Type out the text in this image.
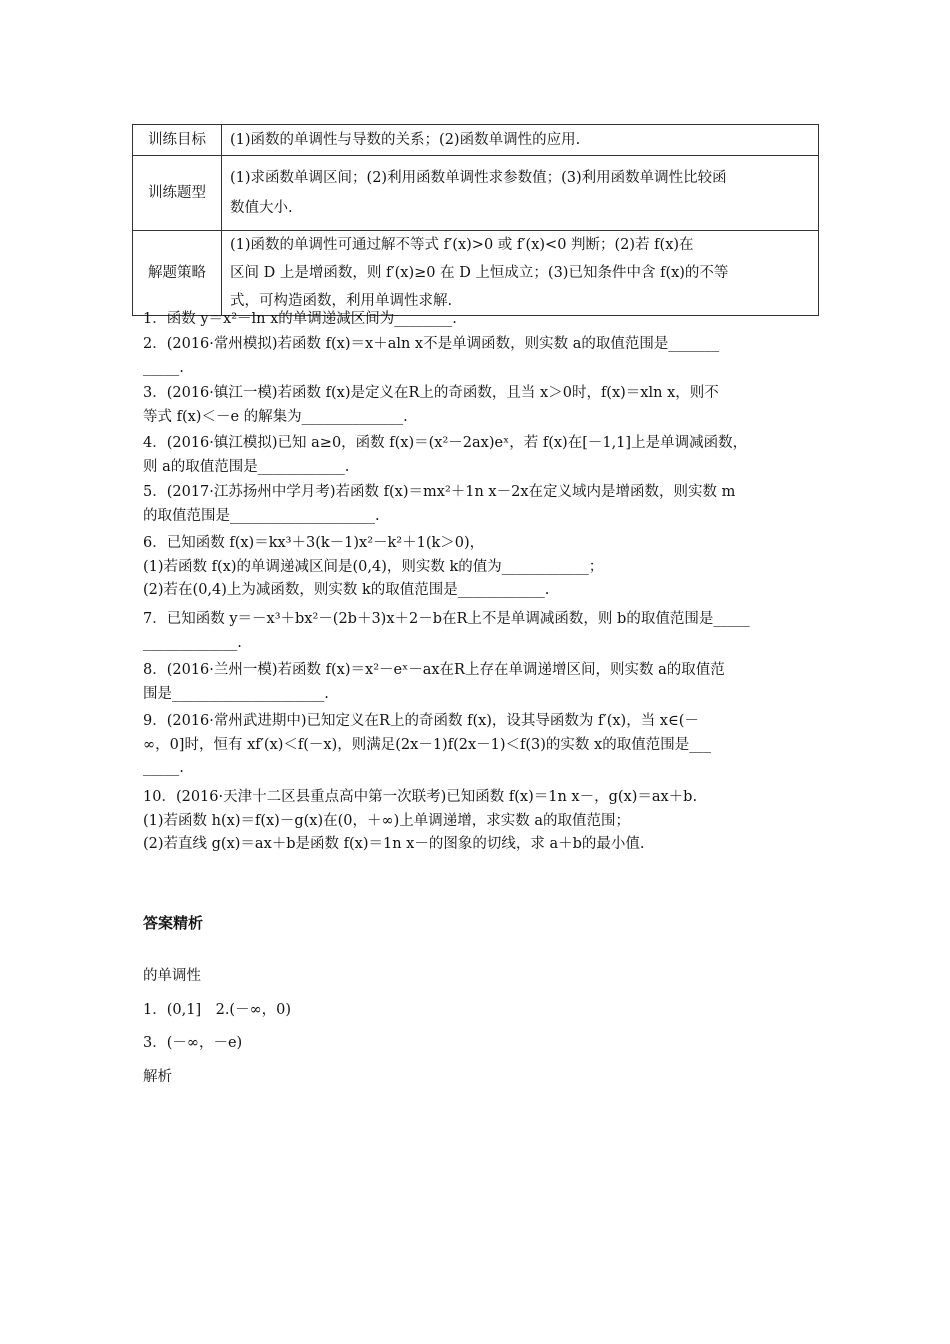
训练目标	(1)函数的单调性与导数的关系；(2)函数单调性的应用.
训练题型	(1)求函数单调区间；(2)利用函数单调性求参数值；(3)利用函数单调性比较函
数值大小.

解题策略	(1)函数的单调性可通过解不等式 f′(x)>0 或 f′(x)<0 判断；(2)若 f(x)在
区间 D 上是增函数，则 f′(x)≥0 在 D 上恒成立；(3)已知条件中含 f(x)的不等
式，可构造函数，利用单调性求解.
1．函数 y＝x²－ln x的单调递减区间为________.
2．(2016·常州模拟)若函数 f(x)＝x＋aln x不是单调函数，则实数 a的取值范围是_______
_____.
3．(2016·镇江一模)若函数 f(x)是定义在R上的奇函数，且当 x＞0时，f(x)＝xln x，则不
等式 f(x)＜－e 的解集为______________.
4．(2016·镇江模拟)已知 a≥0，函数 f(x)＝(x²－2ax)eˣ，若 f(x)在[－1,1]上是单调减函数，
则 a的取值范围是____________.
5．(2017·江苏扬州中学月考)若函数 f(x)＝mx²＋1n x－2x在定义域内是增函数，则实数 m
的取值范围是____________________.
6．已知函数 f(x)＝kx³＋3(k－1)x²－k²＋1(k＞0)，
(1)若函数 f(x)的单调递减区间是(0,4)，则实数 k的值为____________；
(2)若在(0,4)上为减函数，则实数 k的取值范围是____________.
7．已知函数 y＝－x³＋bx²－(2b＋3)x＋2－b在R上不是单调减函数，则 b的取值范围是_____
_____________.
8．(2016·兰州一模)若函数 f(x)＝x²－eˣ－ax在R上存在单调递增区间，则实数 a的取值范
围是_____________________.
9．(2016·常州武进期中)已知定义在R上的奇函数 f(x)，设其导函数为 f′(x)，当 x∈(－
∞，0]时，恒有 xf′(x)＜f(－x)，则满足(2x－1)f(2x－1)＜f(3)的实数 x的取值范围是___
_____.
10．(2016·天津十二区县重点高中第一次联考)已知函数 f(x)＝1n x－，g(x)＝ax＋b.
(1)若函数 h(x)＝f(x)－g(x)在(0，＋∞)上单调递增，求实数 a的取值范围；
(2)若直线 g(x)＝ax＋b是函数 f(x)＝1n x－的图象的切线，求 a＋b的最小值.
答案精析
的单调性
1．(0,1]　2.(－∞，0)
3．(－∞，－e)
解析
